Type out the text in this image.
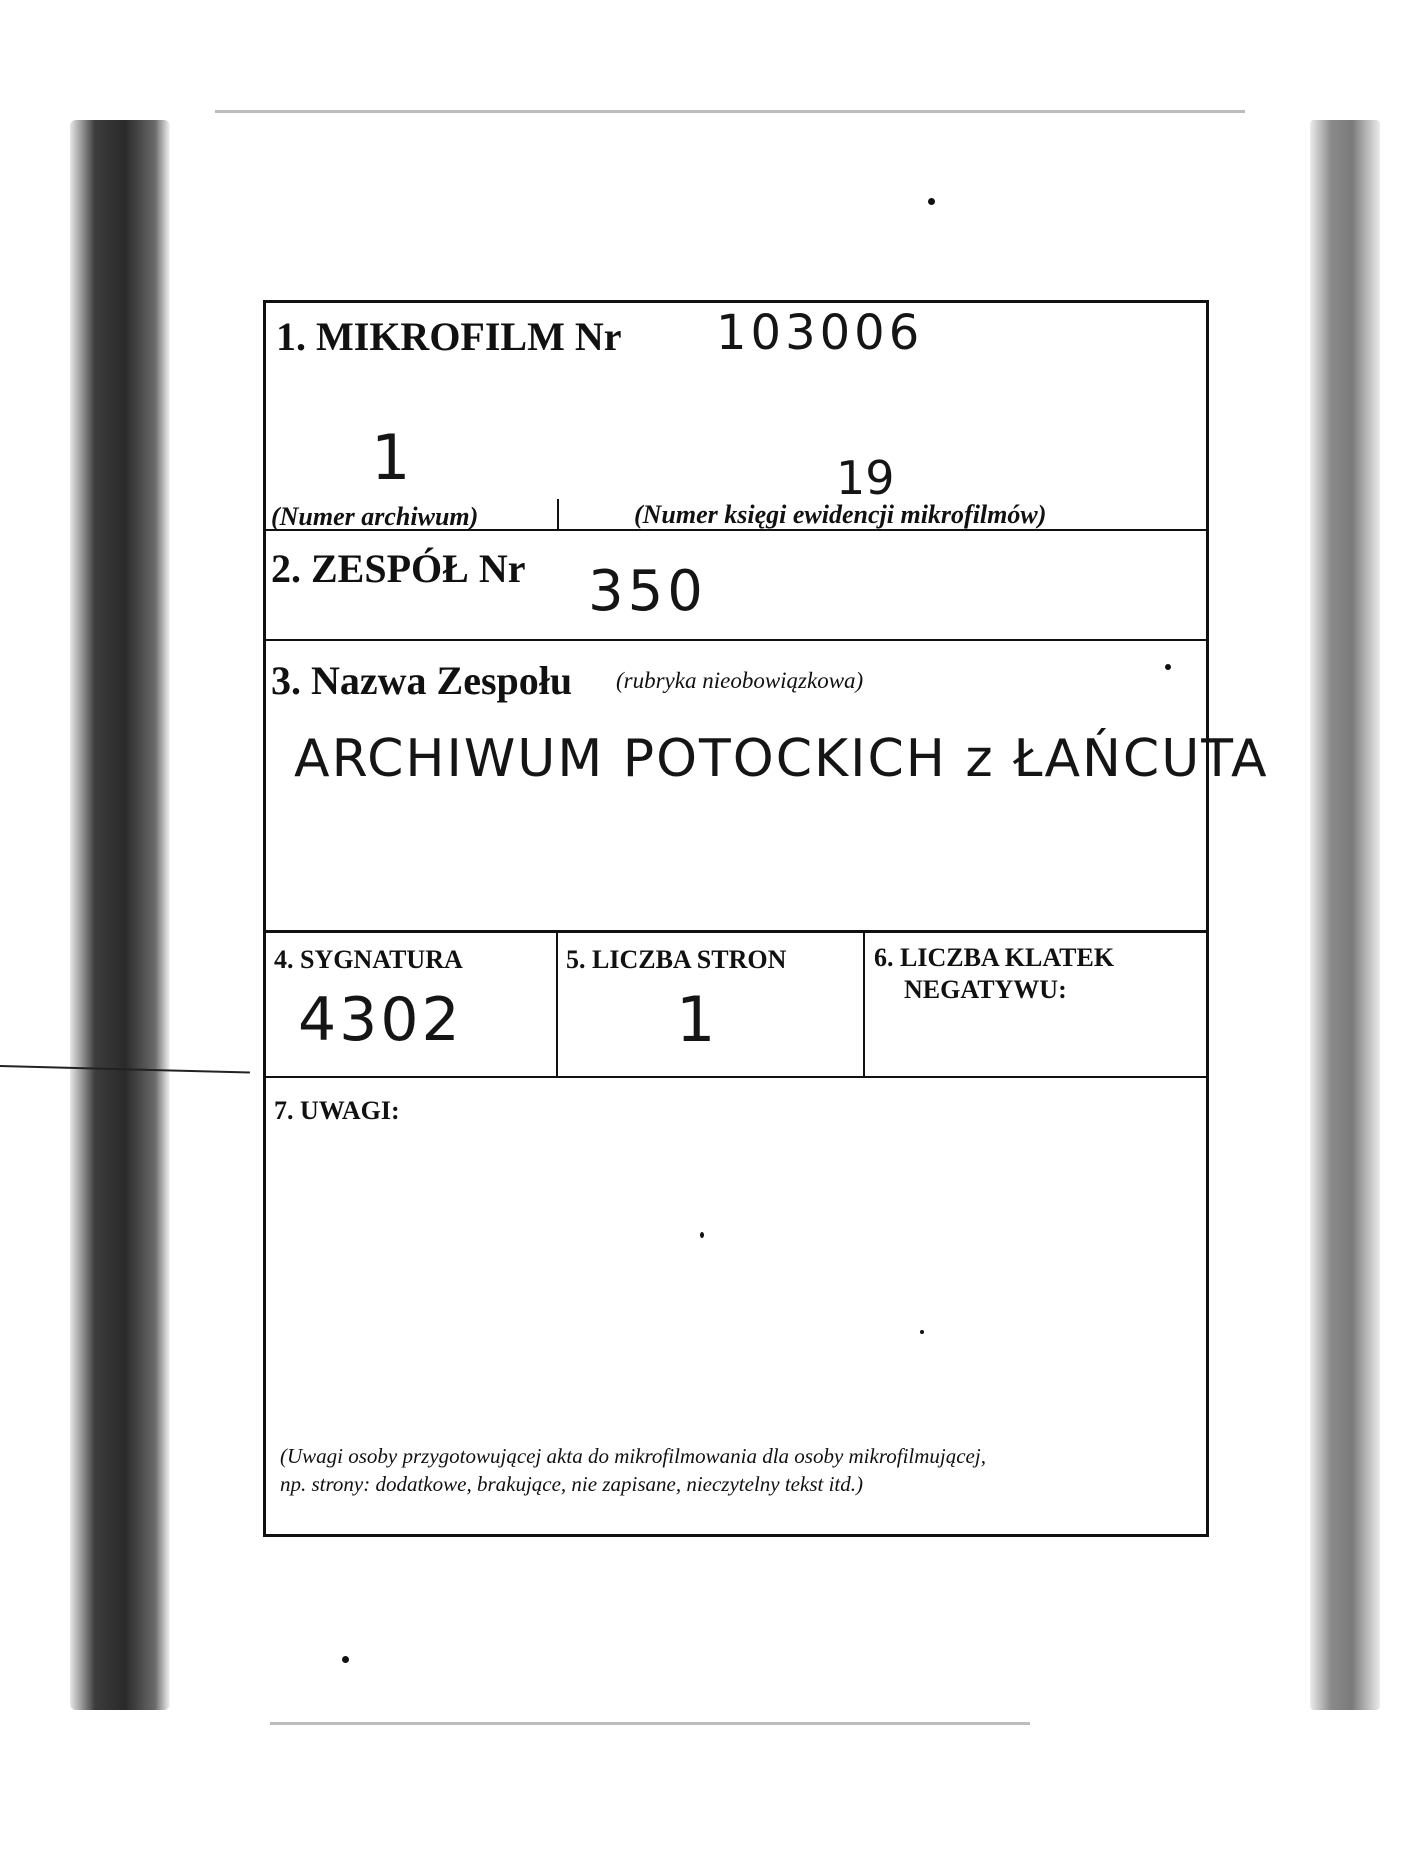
1. MIKROFILM Nr 103006
1	19
(Numer archiwum)	(Numer księgi ewidencji mikrofilmów)
2. ZESPÓŁ Nr 350
3. Nazwa Zespołu (rubryka nieobowiązkowa)
ARCHIWUM POTOCKICH z ŁAŃCUTA
4. SYGNATURA
4302
5. LICZBA STRON
1
6. LICZBA KLATEK
NEGATYWU:
7. UWAGI:
(Uwagi osoby przygotowującej akta do mikrofilmowania dla osoby mikrofilmującej,
np. strony: dodatkowe, brakujące, nie zapisane, nieczytelny tekst itd.)
